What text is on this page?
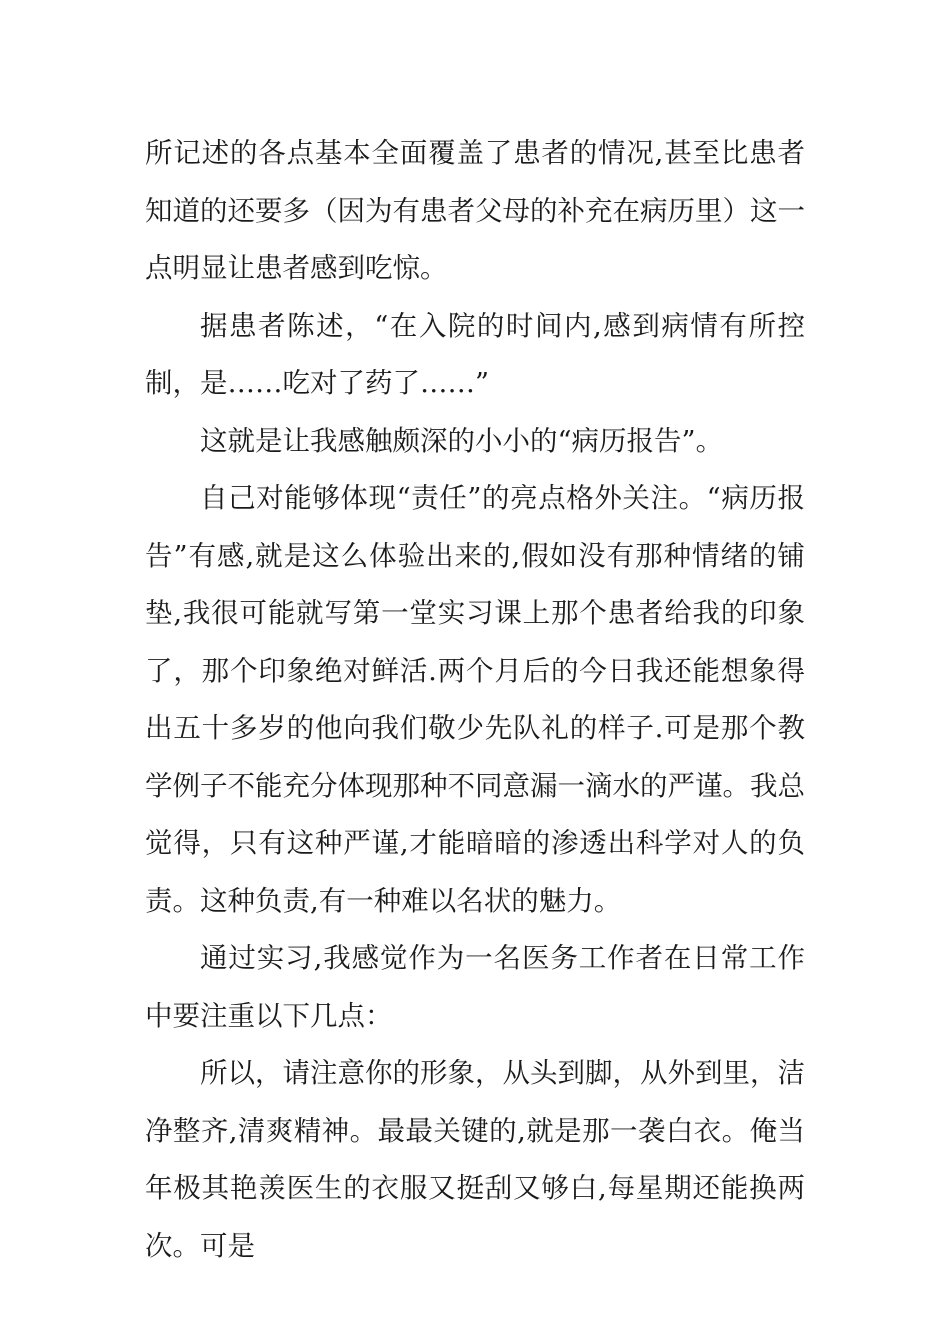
所记述的各点基本全面覆盖了患者的情况,甚至比患者知道的还要多（因为有患者父母的补充在病历里）这一点明显让患者感到吃惊。

据患者陈述，“在入院的时间内,感到病情有所控制，是……吃对了药了……”

这就是让我感触颇深的小小的“病历报告”。

自己对能够体现“责任”的亮点格外关注。“病历报告”有感,就是这么体验出来的,假如没有那种情绪的铺垫,我很可能就写第一堂实习课上那个患者给我的印象了，那个印象绝对鲜活.两个月后的今日我还能想象得出五十多岁的他向我们敬少先队礼的样子.可是那个教学例子不能充分体现那种不同意漏一滴水的严谨。我总觉得，只有这种严谨,才能暗暗的渗透出科学对人的负责。这种负责,有一种难以名状的魅力。

通过实习,我感觉作为一名医务工作者在日常工作中要注重以下几点：

所以，请注意你的形象，从头到脚，从外到里，洁净整齐,清爽精神。最最关键的,就是那一袭白衣。俺当年极其艳羡医生的衣服又挺刮又够白,每星期还能换两次。可是
